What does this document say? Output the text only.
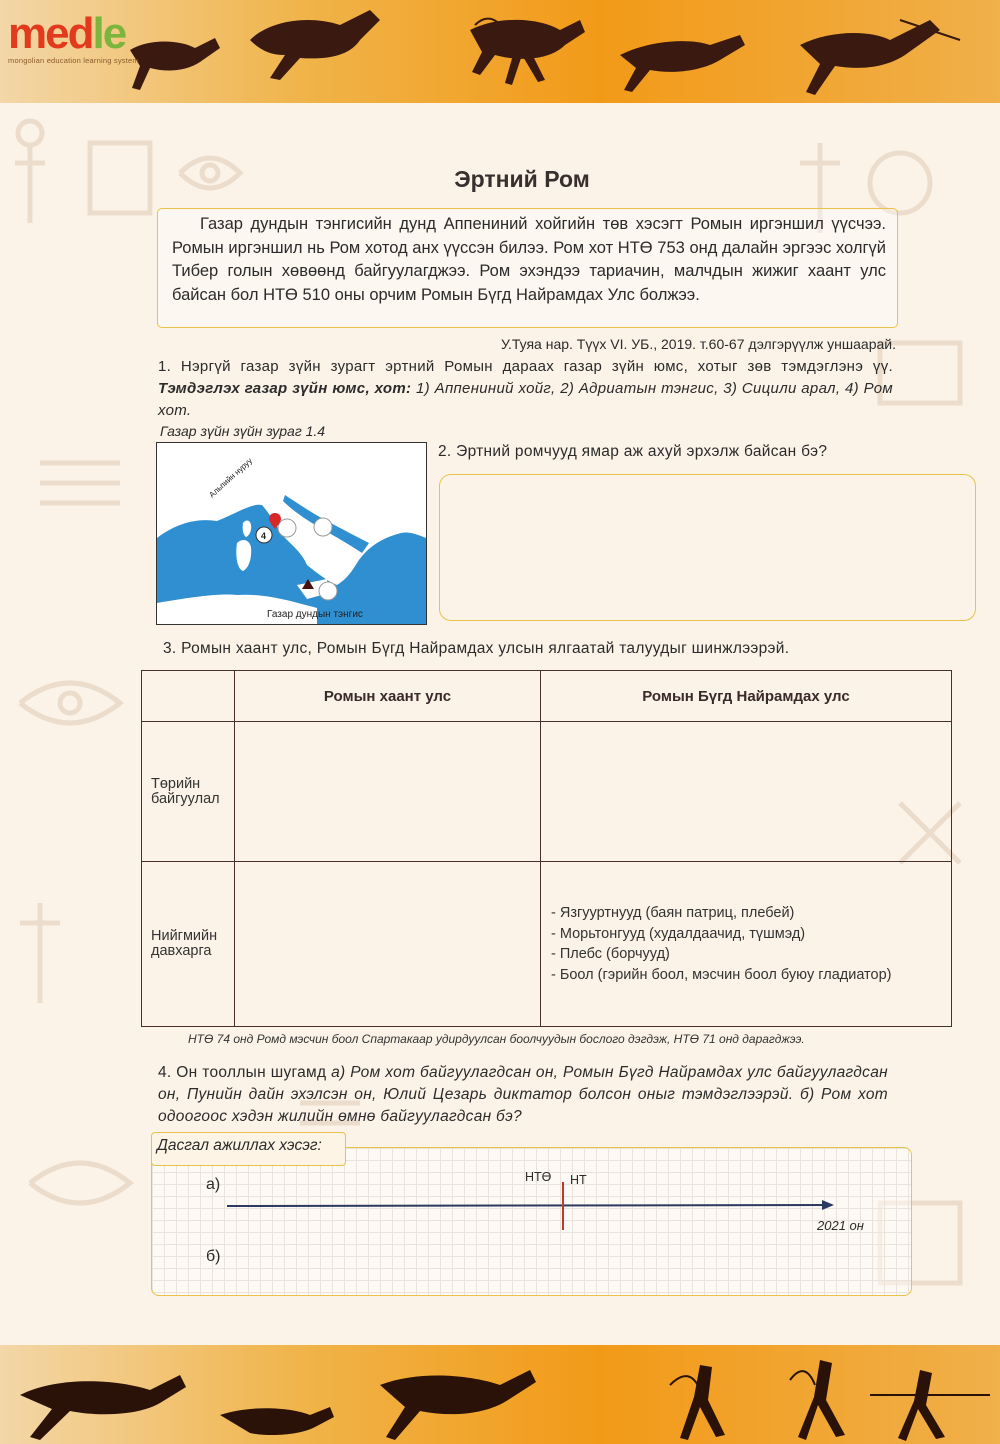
medle
mongolian education learning system
Эртний Ром
Газар дундын тэнгисийн дунд Аппениний хойгийн төв хэсэгт Ромын иргэншил үүсчээ. Ромын иргэншил нь Ром хотод анх үүссэн билээ. Ром хот НТӨ 753 онд далайн эргээс холгүй Тибер голын хөвөөнд байгуулагджээ. Ром эхэндээ тариачин, малчдын жижиг хаант улс байсан бол НТӨ 510 оны орчим Ромын Бүгд Найрамдах Улс болжээ.
У.Туяа нар. Түүх VI. УБ., 2019. т.60-67 дэлгэрүүлж уншаарай.
1. Нэргүй газар зүйн зурагт эртний Ромын дараах газар зүйн юмс, хотыг зөв тэмдэглэнэ үү. Тэмдэглэх газар зүйн юмс, хот: 1) Аппениний хойг, 2) Адриатын тэнгис, 3) Сицили арал, 4) Ром хот.
Газар зүйн зүйн зураг 1.4
4
Альпийн нуруу
Газар дундын тэнгис
2. Эртний ромчууд ямар аж ахуй эрхэлж байсан бэ?
3. Ромын хаант улс, Ромын Бүгд Найрамдах улсын ялгаатай талуудыг шинжлээрэй.
	Ромын хаант улс	Ромын Бүгд Найрамдах улс
Төрийн байгуулал		
Нийгмийн давхарга		- Язгууртнууд (баян патриц, плебей)
- Морьтонгууд (худалдаачид, түшмэд)
- Плебс (борчууд)
- Боол (гэрийн боол, мэсчин боол буюу гладиатор)
НТӨ 74 онд Ромд мэсчин боол Спартакаар удирдуулсан боолчуудын бослого дэгдэж, НТӨ 71 онд дарагджээ.
4. Он тооллын шугамд а) Ром хот байгуулагдсан он, Ромын Бүгд Найрамдах улс байгуулагдсан он, Пунийн дайн эхэлсэн он, Юлий Цезарь диктатор болсон оныг тэмдэглээрэй. б) Ром хот одоогоос хэдэн жилийн өмнө байгуулагдсан бэ?
а)
б)
НТӨ НТ
2021 он
Дасгал ажиллах хэсэг:
